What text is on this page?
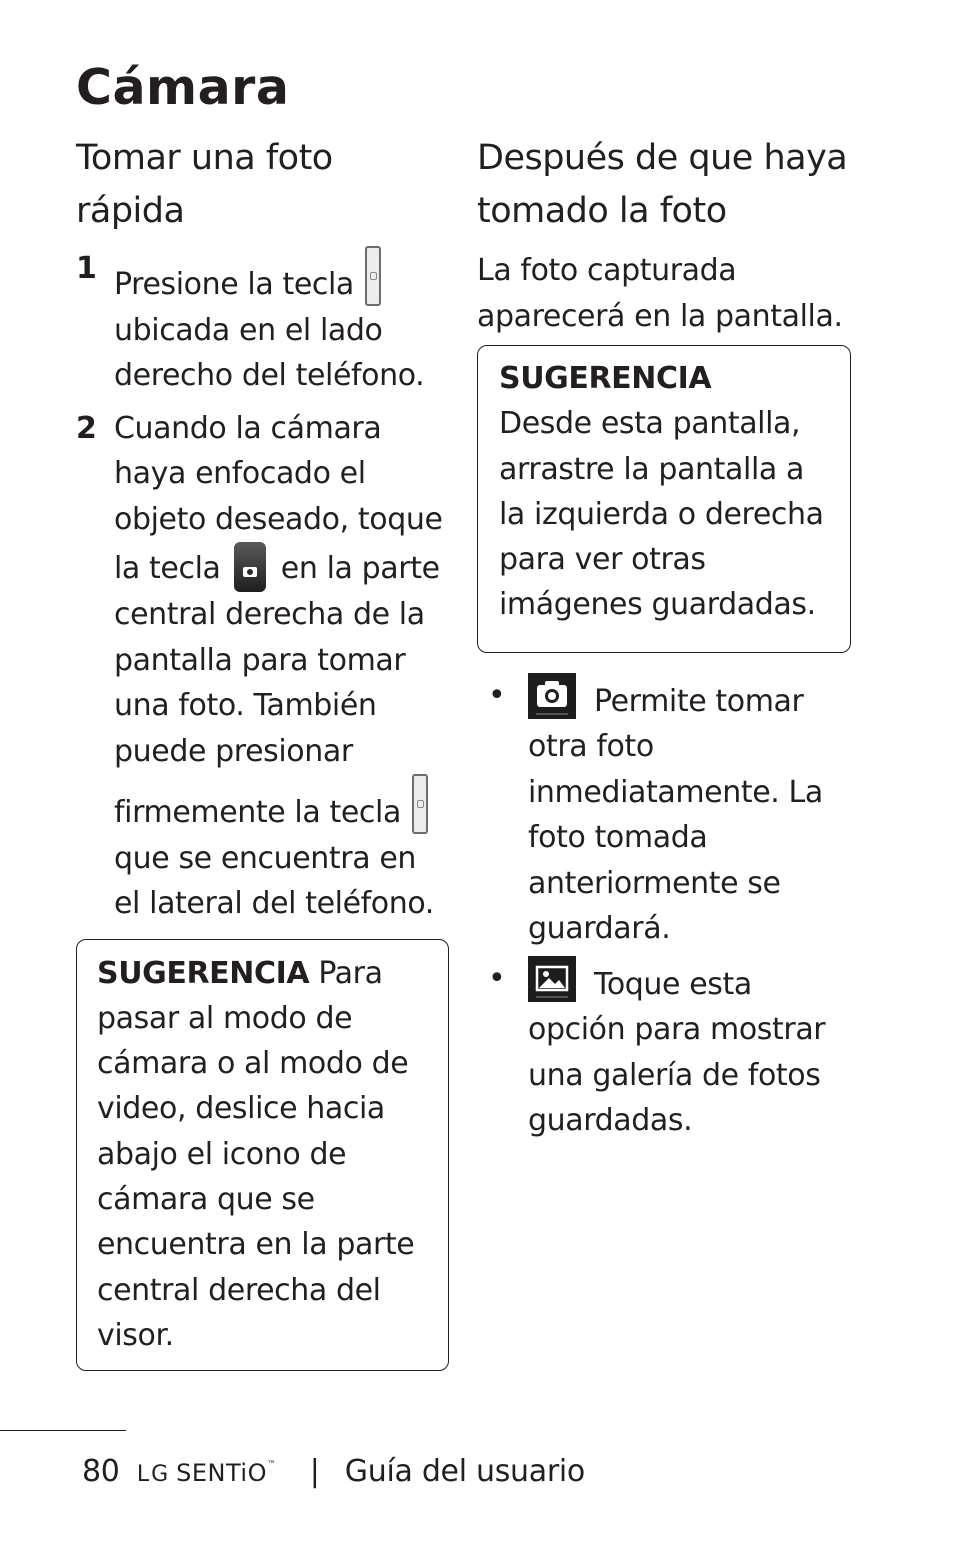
Cámara
Tomar una foto rápida
1 Presione la tecla  ubicada en el lado derecho del teléfono.
2 Cuando la cámara haya enfocado el objeto deseado, toque la tecla en la parte central derecha de la pantalla para tomar una foto. También puede presionar firmemente la tecla  que se encuentra en el lateral del teléfono.
SUGERENCIA Para pasar al modo de cámara o al modo de video, deslice hacia abajo el icono de cámara que se encuentra en la parte central derecha del visor.
Después de que haya tomado la foto
La foto capturada aparecerá en la pantalla.
SUGERENCIA
Desde esta pantalla, arrastre la pantalla a la izquierda o derecha para ver otras imágenes guardadas.
•	Permite tomar otra foto inmediatamente. La foto tomada anteriormente se guardará.
•	Toque esta opción para mostrar una galería de fotos guardadas.
80 LG SENTiO™ | Guía del usuario
